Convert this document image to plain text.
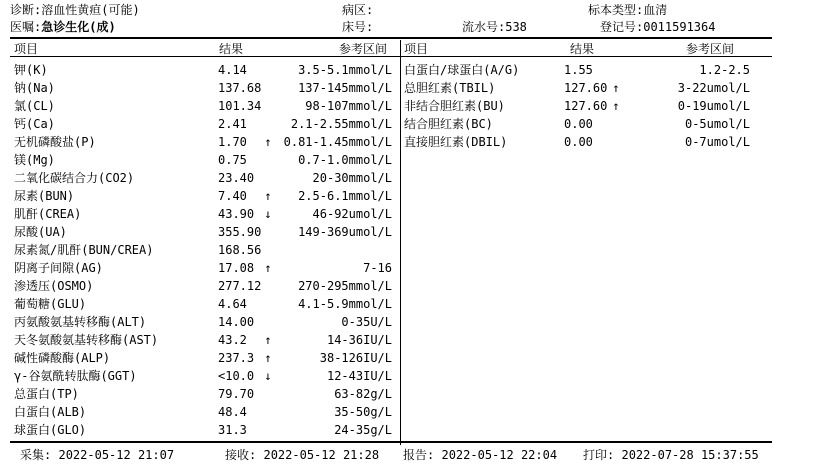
诊断:溶血性黄疸(可能)	病区:	标本类型:血清
医嘱:急诊生化(成)	床号:	流水号:538	登记号:0011591364
项目	结果	参考区间 项目	结果	参考区间
钾(K)	4.14	3.5-5.1mmol/L
钠(Na)	137.68	137-145mmol/L
氯(CL)	101.34	98-107mmol/L
钙(Ca)	2.41	2.1-2.55mmol/L
无机磷酸盐(P)	1.70 ↑ 0.81-1.45mmol/L
镁(Mg)	0.75	0.7-1.0mmol/L
二氧化碳结合力(CO2)	23.40	20-30mmol/L
尿素(BUN)	7.40 ↑ 2.5-6.1mmol/L
肌酐(CREA)	43.90 ↓	46-92umol/L
尿酸(UA)	355.90	149-369umol/L
尿素氮/肌酐(BUN/CREA)	168.56
阴离子间隙(AG)	17.08 ↑	7-16
渗透压(OSMO)	277.12	270-295mmol/L
葡萄糖(GLU)	4.64	4.1-5.9mmol/L
丙氨酸氨基转移酶(ALT)	14.00	0-35U/L
天冬氨酸氨基转移酶(AST)	43.2 ↑	14-36IU/L
碱性磷酸酶(ALP)	237.3 ↑	38-126IU/L
γ-谷氨酰转肽酶(GGT)	<10.0 ↓	12-43IU/L
总蛋白(TP)	79.70	63-82g/L
白蛋白(ALB)	48.4	35-50g/L
球蛋白(GLO)	31.3	24-35g/L
白蛋白/球蛋白(A/G)	1.55	1.2-2.5
总胆红素(TBIL)	127.60 ↑	3-22umol/L
非结合胆红素(BU)	127.60 ↑	0-19umol/L
结合胆红素(BC)	0.00	0-5umol/L
直接胆红素(DBIL)	0.00	0-7umol/L
采集: 2022-05-12 21:07	接收: 2022-05-12 21:28 报告: 2022-05-12 22:04 打印: 2022-07-28 15:37:55
